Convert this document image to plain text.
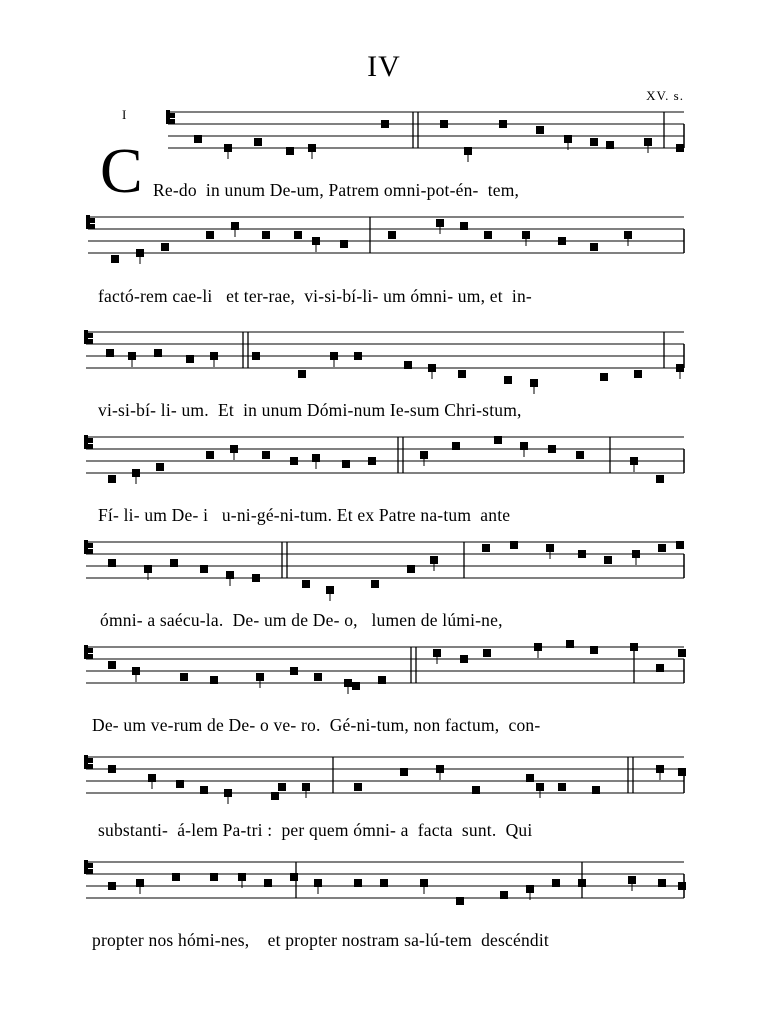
IV
XV. s.
I
C Re-do  in unum De-um, Patrem omni-pot-én-  tem,
factó-rem cae-li   et ter-rae,  vi-si-bí-li- um ómni- um, et  in-
vi-si-bí- li- um.  Et  in unum Dómi-num Ie-sum Chri-stum,
Fí- li- um De- i   u-ni-gé-ni-tum. Et ex Patre na-tum  ante
ómni- a saécu-la.  De- um de De- o,   lumen de lúmi-ne,
De- um ve-rum de De- o ve- ro.  Gé-ni-tum, non factum,  con-
substanti-  á-lem Pa-tri :  per quem ómni- a  facta  sunt.  Qui
propter nos hómi-nes,    et propter nostram sa-lú-tem  descéndit
